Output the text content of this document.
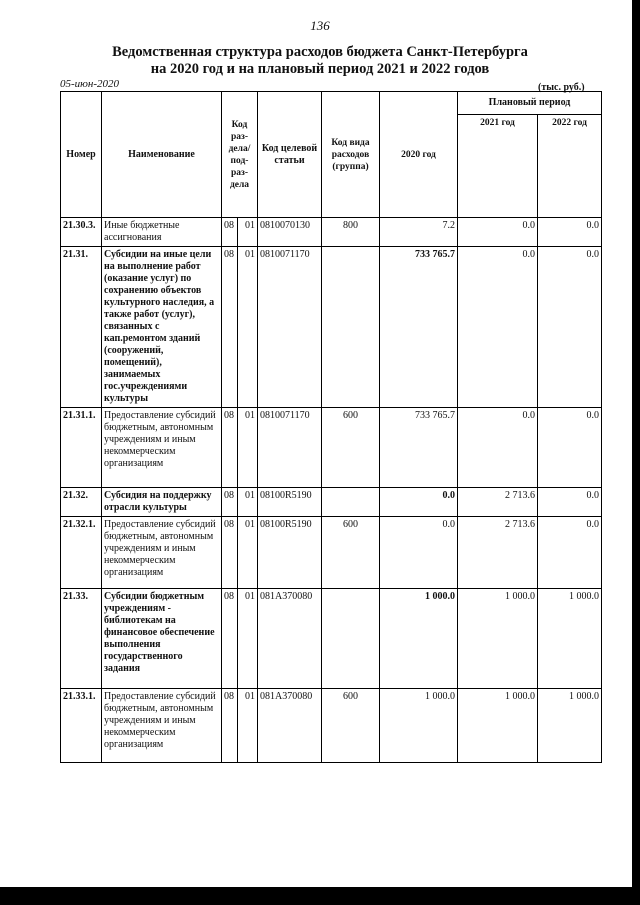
136
Ведомственная структура расходов бюджета Санкт-Петербурга
на 2020 год и на плановый период 2021 и 2022 годов
05-июн-2020	(тыс. руб.)
Номер	Наименование	Код раз-дела/ под-раз-дела		Код целевой статьи	Код вида расходов (группа)	2020 год	Плановый период	
							2021 год	2022 год
21.30.3.	Иные бюджетные ассигнования	08	01	0810070130	800	7.2	0.0	0.0
21.31.	Субсидии на иные цели на выполнение работ (оказание услуг) по сохранению объектов культурного наследия, а также работ (услуг), связанных с кап.ремонтом зданий (сооружений, помещений), занимаемых гос.учреждениями культуры	08	01	0810071170		733 765.7	0.0	0.0
21.31.1.	Предоставление субсидий бюджетным, автономным учреждениям и иным некоммерческим организациям	08	01	0810071170	600	733 765.7	0.0	0.0
21.32.	Субсидия на поддержку отрасли культуры	08	01	08100R5190		0.0	2 713.6	0.0
21.32.1.	Предоставление субсидий бюджетным, автономным учреждениям и иным некоммерческим организациям	08	01	08100R5190	600	0.0	2 713.6	0.0
21.33.	Субсидии бюджетным учреждениям - библиотекам на финансовое обеспечение выполнения государственного задания	08	01	081A370080		1 000.0	1 000.0	1 000.0
21.33.1.	Предоставление субсидий бюджетным, автономным учреждениям и иным некоммерческим организациям	08	01	081A370080	600	1 000.0	1 000.0	1 000.0
